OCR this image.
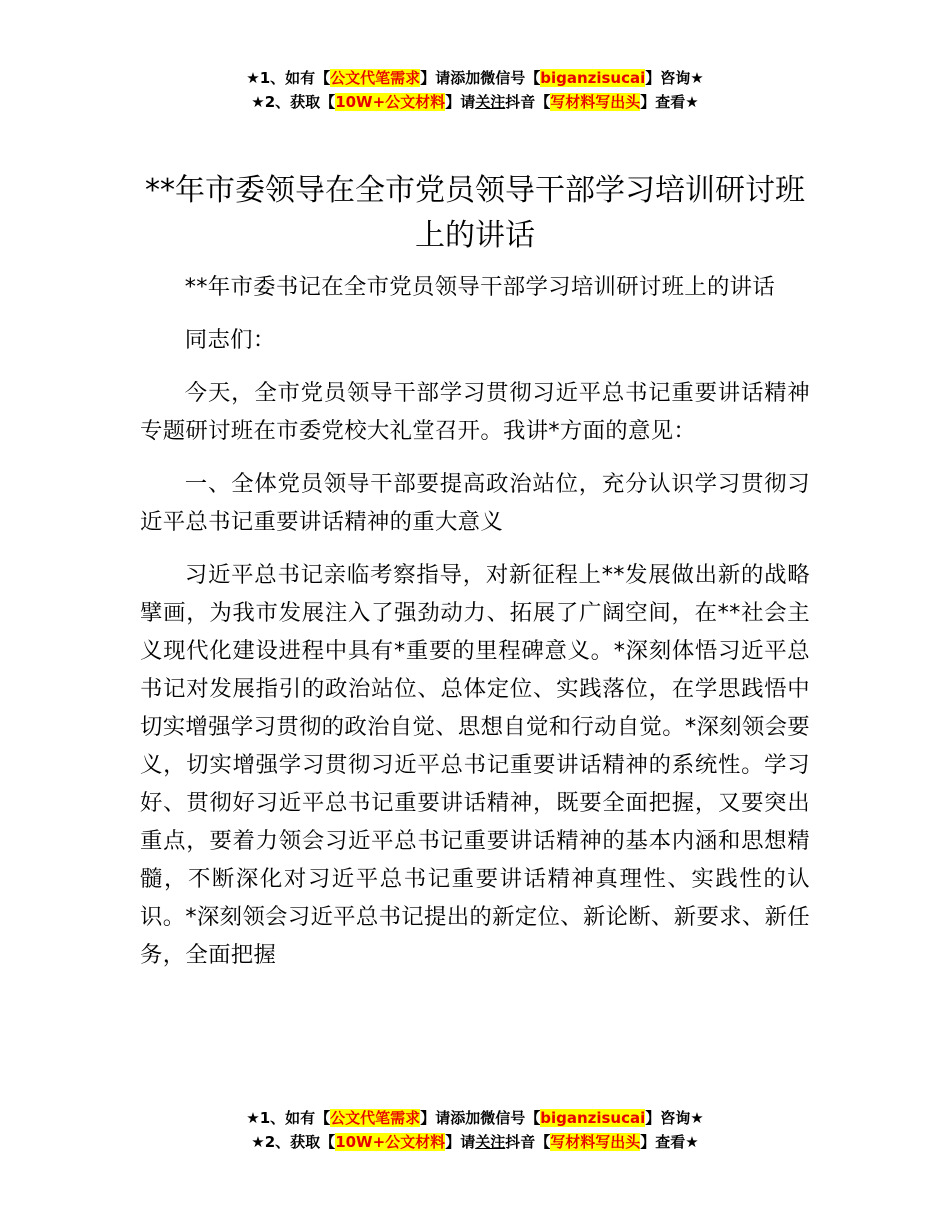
★1、如有【公文代笔需求】请添加微信号【biganzisucai】咨询★
★2、获取【10W+公文材料】请关注抖音【写材料写出头】查看★
**年市委领导在全市党员领导干部学习培训研讨班上的讲话

**年市委书记在全市党员领导干部学习培训研讨班上的讲话

同志们：

今天，全市党员领导干部学习贯彻习近平总书记重要讲话精神专题研讨班在市委党校大礼堂召开。我讲*方面的意见：

一、全体党员领导干部要提高政治站位，充分认识学习贯彻习近平总书记重要讲话精神的重大意义

习近平总书记亲临考察指导，对新征程上**发展做出新的战略擘画，为我市发展注入了强劲动力、拓展了广阔空间，在**社会主义现代化建设进程中具有*重要的里程碑意义。*深刻体悟习近平总书记对发展指引的政治站位、总体定位、实践落位，在学思践悟中切实增强学习贯彻的政治自觉、思想自觉和行动自觉。*深刻领会要义，切实增强学习贯彻习近平总书记重要讲话精神的系统性。学习好、贯彻好习近平总书记重要讲话精神，既要全面把握，又要突出重点，要着力领会习近平总书记重要讲话精神的基本内涵和思想精髓，不断深化对习近平总书记重要讲话精神真理性、实践性的认识。*深刻领会习近平总书记提出的新定位、新论断、新要求、新任务，全面把握

★1、如有【公文代笔需求】请添加微信号【biganzisucai】咨询★
★2、获取【10W+公文材料】请关注抖音【写材料写出头】查看★
